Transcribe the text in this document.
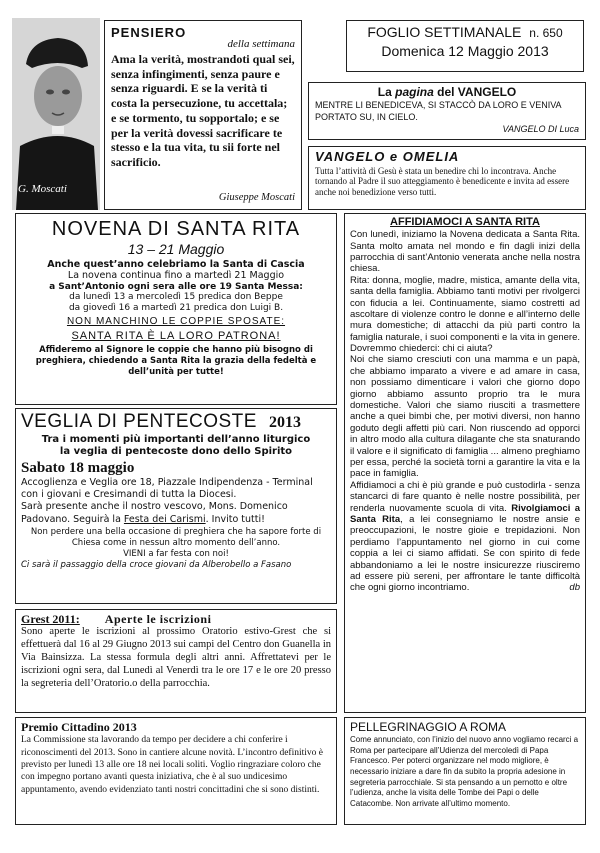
G. Moscati
PENSIERO
della settimana
Ama la verità, mostrandoti qual sei, senza infingimenti, senza paure e senza riguardi. E se la verità ti costa la persecuzione, tu accettala; e se tormento, tu sopportalo; e se per la verità dovessi sacrificare te stesso e la tua vita, tu sii forte nel sacrificio.
Giuseppe Moscati
FOGLIO SETTIMANALE n. 650
Domenica 12 Maggio 2013
La pagina del VANGELO
MENTRE LI BENEDICEVA, SI STACCÒ DA LORO E VENIVA PORTATO SU, IN CIELO.
VANGELO DI Luca
VANGELO e OMELIA
Tutta l’attività di Gesù è stata un benedire chi lo incontrava. Anche tornando al Padre il suo atteggiamento è benedicente e invita ad essere anche noi benedizione verso tutti.
NOVENA DI SANTA RITA
13 – 21 Maggio
Anche quest’anno celebriamo la Santa di Cascia
La novena continua fino a martedì 21 Maggio
a Sant’Antonio ogni sera alle ore 19 Santa Messa:
da lunedì 13 a mercoledì 15 predica don Beppe
da giovedì 16 a martedì 21 predica don Luigi B.
NON MANCHINO LE COPPIE SPOSATE:
SANTA RITA È LA LORO PATRONA!
Affideremo al Signore le coppie che hanno più bisogno di preghiera, chiedendo a Santa Rita la grazia della fedeltà e dell’unità per tutte!
VEGLIA DI PENTECOSTE 2013
Tra i momenti più importanti dell’anno liturgico
la veglia di pentecoste dono dello Spirito
Sabato 18 maggio
Accoglienza e Veglia ore 18, Piazzale Indipendenza - Terminal con i giovani e Cresimandi di tutta la Diocesi.
Sarà presente anche il nostro vescovo, Mons. Domenico Padovano. Seguirà la Festa dei Carismi. Invito tutti!
Non perdere una bella occasione di preghiera che ha sapore forte di Chiesa come in nessun altro momento dell’anno.
VIENI a far festa con noi!
Ci sarà il passaggio della croce giovani da Alberobello a Fasano
Grest 2011: Aperte le iscrizioni
Sono aperte le iscrizioni al prossimo Oratorio estivo-Grest che si effettuerà dal 16 al 29 Giugno 2013 sui campi del Centro don Guanella in Via Bainsizza. La stessa formula degli altri anni. Affrettatevi per le iscrizioni ogni sera, dal Lunedì al Venerdì tra le ore 17 e le ore 20 presso la segreteria dell’Oratorio.o della parrocchia.
Premio Cittadino 2013
La Commissione sta lavorando da tempo per decidere a chi conferire i riconoscimenti del 2013. Sono in cantiere alcune novità. L’incontro definitivo è previsto per lunedì 13 alle ore 18 nei locali soliti. Voglio ringraziare coloro che con impegno portano avanti questa iniziativa, che è al suo undicesimo appuntamento, avendo evidenziato tanti nostri concittadini che si sono distinti.
AFFIDIAMOCI A SANTA RITA
Con lunedì, iniziamo la Novena dedicata a Santa Rita. Santa molto amata nel mondo e fin dagli inizi della parrocchia di sant’Antonio venerata anche nella nostra chiesa.
Rita: donna, moglie, madre, mistica, amante della vita, santa della famiglia. Abbiamo tanti motivi per rivolgerci con fiducia a lei. Continuamente, siamo costretti ad ascoltare di violenze contro le donne e all’interno delle mura domestiche; di attacchi da più parti contro la famiglia naturale, i suoi componenti e la vita in genere. Dovremmo chiederci: chi ci aiuta?
Noi che siamo cresciuti con una mamma e un papà, che abbiamo imparato a vivere e ad amare in casa, non possiamo dimenticare i valori che giorno dopo giorno abbiamo assunto proprio tra le mura domestiche. Valori che siamo riusciti a trasmettere anche a quei bimbi che, per motivi diversi, non hanno goduto degli affetti più cari. Non riuscendo ad opporci in altro modo alla cultura dilagante che sta snaturando il valore e il significato di famiglia ... almeno preghiamo per essa, perché la società torni a garantire la vita e la pace in famiglia.
Affidiamoci a chi è più grande e può custodirla - senza stancarci di fare quanto è nelle nostre possibilità, per renderla nuovamente scuola di vita. Rivolgiamoci a Santa Rita, a lei consegniamo le nostre ansie e preoccupazioni, le nostre gioie e trepidazioni. Non perdiamo l’appuntamento nel giorno in cui come coppia a lei ci siamo affidati. Se con spirito di fede abbandoniamo a lei le nostre insicurezze riusciremo ad essere più sereni, per affrontare le tante difficoltà che ogni giorno incontriamo.	db
PELLEGRINAGGIO A ROMA
Come annunciato, con l’inizio del nuovo anno vogliamo recarci a Roma per partecipare all’Udienza del mercoledì di Papa Francesco. Per poterci organizzare nel modo migliore, è necessario iniziare a dare fin da subito la propria adesione in segreteria parrocchiale. Si sta pensando a un pernotto e oltre l’udienza, anche la visita delle Tombe dei Papi o delle Catacombe. Non arrivate all’ultimo momento.
